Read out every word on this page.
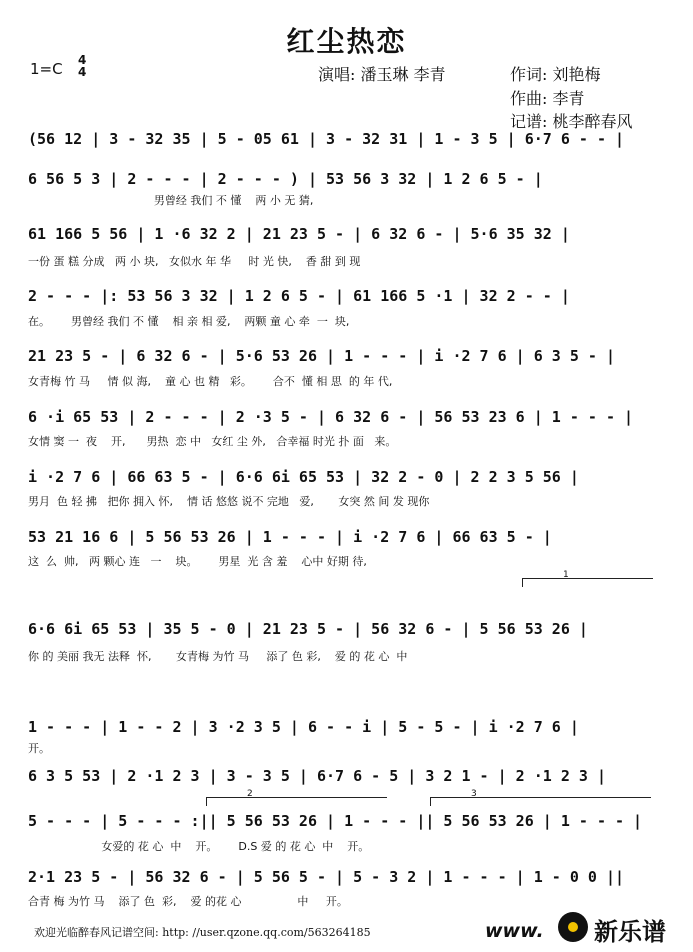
红尘热恋
1=C 4
4	演唱: 潘玉琳 李青	作词: 刘艳梅
作曲: 李青
记谱: 桃李醉春风
(56 12 | 3 - 32 35 | 5 - 05 61 | 3 - 32 31 | 1 - 3 5 | 6·7 6 - - |
6 56 5 3 | 2 - - - | 2 - - - ) | 53 56 3 32 | 1 2 6 5 - |
男曾经 我们 不 懂    两 小 无 猜,
61 166 5 56 | 1 ·6 32 2 | 21 23 5 - | 6 32 6 - | 5·6 35 32 |
一份 蛋 糕 分成   两 小 块,   女似水 年 华     时 光 快,    香 甜 到 现
2 - - - |: 53 56 3 32 | 1 2 6 5 - | 61 166 5 ·1 | 32 2 - - |
在。      男曾经 我们 不 懂    相 亲 相 爱,    两颗 童 心 牵  一  块,
21 23 5 - | 6 32 6 - | 5·6 53 26 | 1 - - - | i ·2 7 6 | 6 3 5 - |
女青梅 竹 马     情 似 海,    童 心 也 精   彩。      合不  懂 相 思  的 年 代,
6 ·i 65 53 | 2 - - - | 2 ·3 5 - | 6 32 6 - | 56 53 23 6 | 1 - - - |
女情 窦 一  夜    开,      男热  恋 中   女红 尘 外,   合幸福 时光 扑 面   来。
i ·2 7 6 | 66 63 5 - | 6·6 6i 65 53 | 32 2 - 0 | 2 2 3 5 56 |
男月  色 轻 拂   把你 拥入 怀,    情 话 悠悠 说不 完地   爱,       女突 然 间 发 现你
53 21 16 6 | 5 56 53 26 | 1 - - - | i ·2 7 6 | 66 63 5 - |
这  么  帅,   两 颗心 连   一    块。      男星  光 含 羞    心中 好期 待,
1
6·6 6i 65 53 | 35 5 - 0 | 21 23 5 - | 56 32 6 - | 5 56 53 26 |
你 的 美丽 我无 法释  怀,       女青梅 为竹 马     添了 色 彩,    爱 的 花 心  中
1 - - - | 1 - - 2 | 3 ·2 3 5 | 6 - - i | 5 - 5 - | i ·2 7 6 |
开。
6 3 5 53 | 2 ·1 2 3 | 3 - 3 5 | 6·7 6 - 5 | 3 2 1 - | 2 ·1 2 3 |
2	3
5 - - - | 5 - - - :|| 5 56 53 26 | 1 - - - || 5 56 53 26 | 1 - - - |
女爱的 花 心  中    开。      D.S 爱 的 花 心  中    开。
2·1 23 5 - | 56 32 6 - | 5 56 5 - | 5 - 3 2 | 1 - - - | 1 - 0 0 ||
合青 梅 为竹 马    添了 色  彩,    爱 的花 心                中     开。
欢迎光临醉春风记谱空间: http: //user.qzone.qq.com/563264185	www. 新乐谱
